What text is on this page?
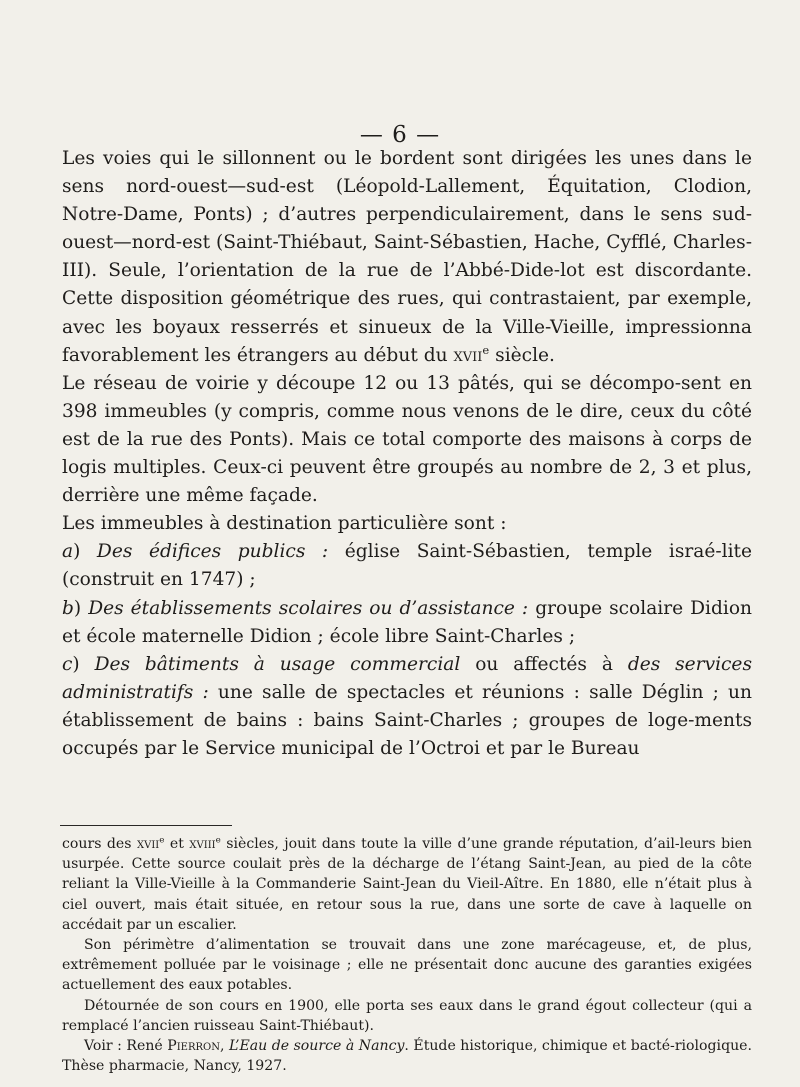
— 6 —

Les voies qui le sillonnent ou le bordent sont dirigées les unes dans le sens nord-ouest—sud-est (Léopold-Lallement, Équitation, Clodion, Notre-Dame, Ponts) ; d’autres perpendiculairement, dans le sens sud-ouest—nord-est (Saint-Thiébaut, Saint-Sébastien, Hache, Cyfflé, Charles-III). Seule, l’orientation de la rue de l’Abbé-Dide-lot est discordante. Cette disposition géométrique des rues, qui contrastaient, par exemple, avec les boyaux resserrés et sinueux de la Ville-Vieille, impressionna favorablement les étrangers au début du xvii$^e$ siècle.

Le réseau de voirie y découpe 12 ou 13 pâtés, qui se décompo-sent en 398 immeubles (y compris, comme nous venons de le dire, ceux du côté est de la rue des Ponts). Mais ce total comporte des maisons à corps de logis multiples. Ceux-ci peuvent être groupés au nombre de 2, 3 et plus, derrière une même façade.

Les immeubles à destination particulière sont :

a) Des édifices publics : église Saint-Sébastien, temple israé-lite (construit en 1747) ;

b) Des établissements scolaires ou d’assistance : groupe scolaire Didion et école maternelle Didion ; école libre Saint-Charles ;

c) Des bâtiments à usage commercial ou affectés à des services administratifs : une salle de spectacles et réunions : salle Déglin ; un établissement de bains : bains Saint-Charles ; groupes de loge-ments occupés par le Service municipal de l’Octroi et par le Bureau

cours des xvii$^e$ et xviii$^e$ siècles, jouit dans toute la ville d’une grande réputation, d’ail-leurs bien usurpée. Cette source coulait près de la décharge de l’étang Saint-Jean, au pied de la côte reliant la Ville-Vieille à la Commanderie Saint-Jean du Vieil-Aître. En 1880, elle n’était plus à ciel ouvert, mais était située, en retour sous la rue, dans une sorte de cave à laquelle on accédait par un escalier.

Son périmètre d’alimentation se trouvait dans une zone marécageuse, et, de plus, extrêmement polluée par le voisinage ; elle ne présentait donc aucune des garanties exigées actuellement des eaux potables.

Détournée de son cours en 1900, elle porta ses eaux dans le grand égout collecteur (qui a remplacé l’ancien ruisseau Saint-Thiébaut).

Voir : René Pierron, L’Eau de source à Nancy. Étude historique, chimique et bacté-riologique. Thèse pharmacie, Nancy, 1927.
